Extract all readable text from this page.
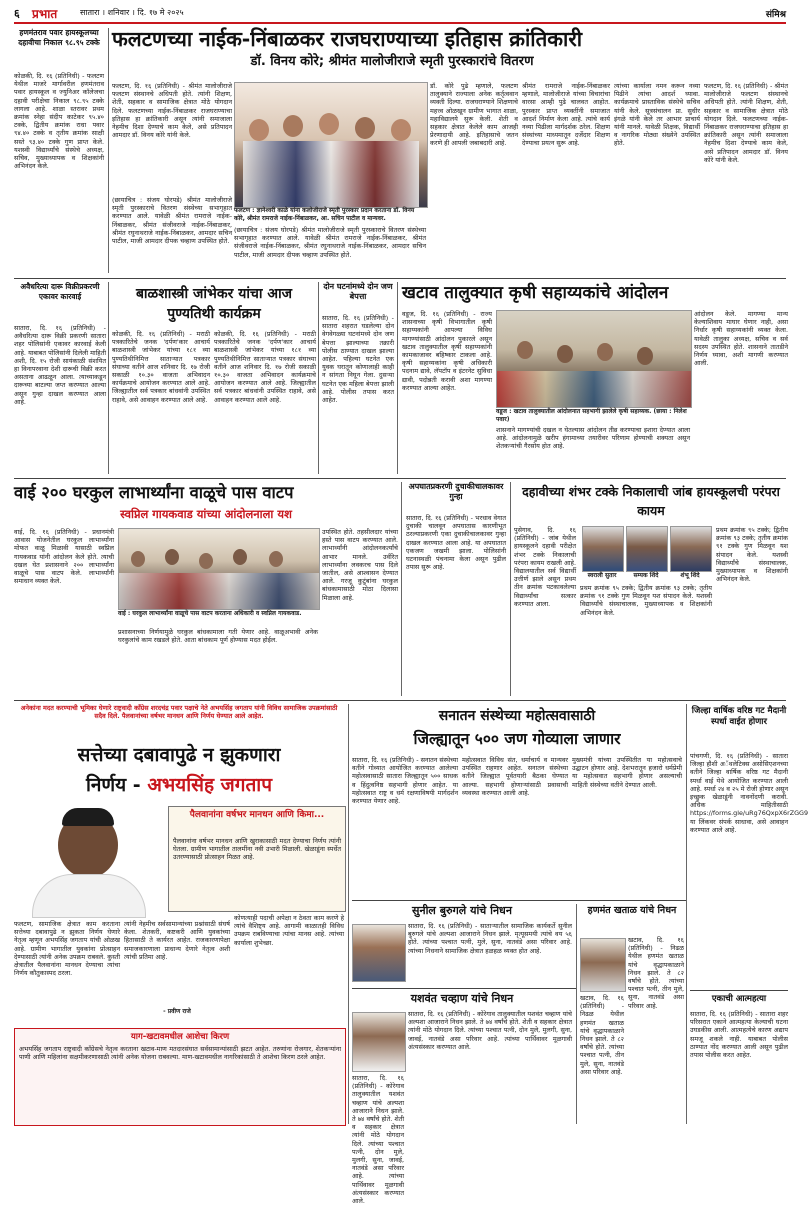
६ प्रभात	सातारा । शनिवार । दि. १७ मे २०२५	संमिश्र
हणमंतराव पवार हायस्कूलच्या दहावीचा निकाल ९८.९५ टक्के
कोळकी, दि. १६ (प्रतिनिधी) - फलटण येथील माजरे मार्गावरील हणमंतराव पवार हायस्कूल व ज्युनिअर कॉलेजचा दहावी परीक्षेचा निकाल ९८.९५ टक्के लागला आहे. शाळा स्तरावर प्रथम क्रमांक स्नेहा संदीप काटेकर ९५.४० टक्के, द्वितीय क्रमांक राधा पवार ९४.४० टक्के व तृतीय क्रमांक साक्षी सस्ते ९३.४० टक्के गुण प्राप्त केले. यशस्वी विद्यार्थ्यांचे संस्थेचे अध्यक्ष, सचिव, मुख्याध्यापक व शिक्षकांनी अभिनंदन केले.
फलटणच्या नाईक-निंबाळकर राजघराण्याच्या इतिहास क्रांतिकारी
डॉ. विनय कोरे; श्रीमंत मालोजीराजे स्मृती पुरस्कारांचे वितरण
फलटण, दि. १६ (प्रतिनिधी) - श्रीमंत मालोजीराजे फलटण संस्थानचे अधिपती होते. त्यांनी शिक्षण, शेती, सहकार व सामाजिक क्षेत्रात मोठे योगदान दिले. फलटणच्या नाईक-निंबाळकर राजघराण्याचा इतिहास हा क्रांतिकारी असून त्यांनी समाजाला नेहमीच दिशा देण्याचे काम केले, असे प्रतिपादन आमदार डॉ. विनय कोरे यांनी केले.
फलटण : ज्ञानेश्वरी काळे यांना कलोजीराजे स्मृती पुरस्कार प्रदान करताना डॉ. विनय कोरे, श्रीमंत रामराजे नाईक-निंबाळकर, आ. सचिन पाटील व मान्यवर.
(छायाचित्र : संजय घोरपडे) श्रीमंत मालोजीराजे स्मृती पुरस्काराचे वितरण संस्थेच्या सभागृहात करण्यात आले. यावेळी श्रीमंत रामराजे नाईक-निंबाळकर, श्रीमंत संजीवराजे नाईक-निंबाळकर, श्रीमंत रघुनाथराजे नाईक-निंबाळकर, आमदार सचिन पाटील, माजी आमदार दीपक चव्हाण उपस्थित होते.
डॉ. कोरे पुढे म्हणाले, फलटण तालुक्याने राज्याला अनेक कर्तृत्ववान व्यक्ती दिल्या. राजघराण्याने शिक्षणाचे महत्त्व ओळखून ग्रामीण भागात शाळा, महाविद्यालये सुरू केली. शेती व सहकार क्षेत्रात केलेले काम आजही प्रेरणादायी आहे. इतिहासाचे जतन करणे ही आपली जबाबदारी आहे.
श्रीमंत रामराजे नाईक-निंबाळकर म्हणाले, मालोजीराजे यांच्या विचारांचा वारसा आम्ही पुढे चालवत आहोत. पुरस्कार प्राप्त व्यक्तींनी समाजात आदर्श निर्माण केला आहे. त्यांचे कार्य नव्या पिढीला मार्गदर्शक ठरेल. शिक्षण संस्थांच्या माध्यमातून दर्जेदार शिक्षण देण्याचा प्रयत्न सुरू आहे.
त्यांच्या कार्याला नमन करून नव्या पिढीने त्यांचा आदर्श घ्यावा. कार्यक्रमाचे प्रास्ताविक संस्थेचे सचिव यांनी केले. सूत्रसंचालन प्रा. सुधीर इंगळे यांनी केले तर आभार प्राचार्य यांनी मानले. यावेळी शिक्षक, विद्यार्थी व नागरिक मोठ्या संख्येने उपस्थित होते.
फलटण, दि. १६ (प्रतिनिधी) - श्रीमंत मालोजीराजे फलटण संस्थानचे अधिपती होते. त्यांनी शिक्षण, शेती, सहकार व सामाजिक क्षेत्रात मोठे योगदान दिले. फलटणच्या नाईक-निंबाळकर राजघराण्याचा इतिहास हा क्रांतिकारी असून त्यांनी समाजाला नेहमीच दिशा देण्याचे काम केले, असे प्रतिपादन आमदार डॉ. विनय कोरे यांनी केले.
(छायाचित्र : संजय घोरपडे) श्रीमंत मालोजीराजे स्मृती पुरस्काराचे वितरण संस्थेच्या सभागृहात करण्यात आले. यावेळी श्रीमंत रामराजे नाईक-निंबाळकर, श्रीमंत संजीवराजे नाईक-निंबाळकर, श्रीमंत रघुनाथराजे नाईक-निंबाळकर, आमदार सचिन पाटील, माजी आमदार दीपक चव्हाण उपस्थित होते.
अवैधरित्या दारू विक्रीप्रकरणी एकावर कारवाई
सातारा, दि. १६ (प्रतिनिधी) - अवैधरित्या दारू विक्री प्रकरणी सातारा शहर पोलिसांनी एकावर कारवाई केली आहे. याबाबत पोलिसांनी दिलेली माहिती अशी, दि. १५ रोजी सायंकाळी संशयित हा विनापरवाना देशी दारूची विक्री करत असताना आढळून आला. त्याच्याकडून दारूच्या बाटल्या जप्त करण्यात आल्या असून गुन्हा दाखल करण्यात आला आहे.
बाळशास्त्री जांभेकर यांचा आज पुण्यतिथी कार्यक्रम
कोळकी, दि. १६ (प्रतिनिधी) - मराठी पत्रकारितेचे जनक 'दर्पण'कार आचार्य बाळशास्त्री जांभेकर यांच्या १८१ व्या पुण्यतिथीनिमित्त साताऱ्यात पत्रकार संघाच्या वतीने आज शनिवार दि. १७ रोजी सकाळी १०.३० वाजता अभिवादन कार्यक्रमाचे आयोजन करण्यात आले आहे. जिल्ह्यातील सर्व पत्रकार बांधवांनी उपस्थित राहावे, असे आवाहन करण्यात आले आहे.
कोळकी, दि. १६ (प्रतिनिधी) - मराठी पत्रकारितेचे जनक 'दर्पण'कार आचार्य बाळशास्त्री जांभेकर यांच्या १८१ व्या पुण्यतिथीनिमित्त साताऱ्यात पत्रकार संघाच्या वतीने आज शनिवार दि. १७ रोजी सकाळी १०.३० वाजता अभिवादन कार्यक्रमाचे आयोजन करण्यात आले आहे. जिल्ह्यातील सर्व पत्रकार बांधवांनी उपस्थित राहावे, असे आवाहन करण्यात आले आहे.
दोन घटनांमध्ये दोन जण बेपत्ता
सातारा, दि. १६ (प्रतिनिधी) - सातारा शहरात घडलेल्या दोन वेगवेगळ्या घटनांमध्ये दोन जण बेपत्ता झाल्याच्या तक्रारी पोलीस ठाण्यात दाखल झाल्या आहेत. पहिल्या घटनेत एक युवक घरातून कोणालाही काही न सांगता निघून गेला. दुसऱ्या घटनेत एक महिला बेपत्ता झाली आहे. पोलीस तपास करत आहेत.
खटाव तालुक्यात कृषी सहाय्यकांचे आंदोलन
वडूज, दि. १६ (प्रतिनिधी) - राज्य शासनाच्या कृषी विभागातील कृषी सहाय्यकांनी आपल्या विविध मागण्यांसाठी आंदोलन पुकारले असून खटाव तालुक्यातील कृषी सहाय्यकांनी कामकाजावर बहिष्कार टाकला आहे. कृषी सहाय्यकांना कृषी अधिकारी पदनाम द्यावे, लॅपटॉप व इंटरनेट सुविधा द्यावी, पदोन्नती करावी अशा मागण्या करण्यात आल्या आहेत.
वडूज : खटाव तालुक्यातील आंदोलनात सहभागी झालेले कृषी सहाय्यक. (छाया : निलेश पवार)
शासनाने मागण्यांची दखल न घेतल्यास आंदोलन तीव्र करण्याचा इशारा देण्यात आला आहे. आंदोलनामुळे खरीप हंगामाच्या तयारीवर परिणाम होण्याची शक्यता असून शेतकऱ्यांची गैरसोय होत आहे.
आंदोलन केले. मागण्या मान्य केल्याशिवाय माघार घेणार नाही, असा निर्धार कृषी सहाय्यकांनी व्यक्त केला. यावेळी तालुका अध्यक्ष, सचिव व सर्व सदस्य उपस्थित होते. शासनाने तातडीने निर्णय घ्यावा, अशी मागणी करण्यात आली.
वाई २०० घरकुल लाभार्थ्यांना वाळूचे पास वाटप
स्वप्निल गायकवाड यांच्या आंदोलनाला यश
वाई, दि. १६ (प्रतिनिधी) - प्रधानमंत्री आवास योजनेतील घरकुल लाभार्थ्यांना मोफत वाळू मिळावी यासाठी स्वप्निल गायकवाड यांनी आंदोलन केले होते. त्याची दखल घेत प्रशासनाने २०० लाभार्थ्यांना वाळूचे पास वाटप केले. लाभार्थ्यांनी समाधान व्यक्त केले.
वाई : घरकुल लाभार्थ्यांना वाळूचे पास वाटप करताना अधिकारी व स्वप्निल गायकवाड.
प्रशासनाच्या निर्णयामुळे घरकुल बांधकामाला गती येणार आहे. वाळूअभावी अनेक घरकुलांचे काम रखडले होते. आता बांधकाम पूर्ण होण्यास मदत होईल.
उपस्थित होते. तहसीलदार यांच्या हस्ते पास वाटप करण्यात आले. लाभार्थ्यांनी आंदोलनकर्त्यांचे आभार मानले. उर्वरित लाभार्थ्यांना लवकरच पास दिले जातील, असे आश्वासन देण्यात आले. गरजू कुटुंबांना घरकुल बांधकामासाठी मोठा दिलासा मिळाला आहे.
अपघातप्रकरणी दुचाकीचालकावर गुन्हा
सातारा, दि. १६ (प्रतिनिधी) - भरधाव वेगात दुचाकी चालवून अपघातास कारणीभूत ठरल्याप्रकरणी एका दुचाकीचालकावर गुन्हा दाखल करण्यात आला आहे. या अपघातात एकजण जखमी झाला. पोलिसांनी घटनास्थळी पंचनामा केला असून पुढील तपास सुरू आहे.
दहावीच्या शंभर टक्के निकालाची जांब हायस्कूलची परंपरा कायम
पुसेगाव, दि. १६ (प्रतिनिधी) - जांब येथील हायस्कूलने दहावी परीक्षेत शंभर टक्के निकालाची परंपरा कायम राखली आहे. विद्यालयातील सर्व विद्यार्थी उत्तीर्ण झाले असून प्रथम तीन क्रमांक पटकावलेल्या विद्यार्थ्यांचा सत्कार करण्यात आला.
स्वराली सुतार	सम्यक शिंदे	शंभू शिंदे
प्रथम क्रमांक ९५ टक्के; द्वितीय क्रमांक ९३ टक्के; तृतीय क्रमांक ९१ टक्के गुण मिळवून यश संपादन केले. यशस्वी विद्यार्थ्यांचे संस्थाचालक, मुख्याध्यापक व शिक्षकांनी अभिनंदन केले.
प्रथम क्रमांक ९५ टक्के; द्वितीय क्रमांक ९३ टक्के; तृतीय क्रमांक ९१ टक्के गुण मिळवून यश संपादन केले. यशस्वी विद्यार्थ्यांचे संस्थाचालक, मुख्याध्यापक व शिक्षकांनी अभिनंदन केले.
अनेकांना मदत करण्याची भूमिका घेणारे राष्ट्रवादी काँग्रेस शरदचंद्र पवार पक्षाचे नेते अभयसिंह जगताप यांनी विविध सामाजिक उपक्रमांसाठी सदैव दिले. पैलवानांच्या वर्षभर मानधन आणि निर्णय घेण्यात आले आहेत.
सत्तेच्या दबावापुढे न झुकणारा
निर्णय - अभयसिंह जगताप
पैलवानांना वर्षभर मानधन आणि किमा...
पैलवानांना वर्षभर मानधन आणि खुराकासाठी मदत देण्याचा निर्णय त्यांनी घेतला. ग्रामीण भागातील तालमींना नवी उभारी मिळाली. खेळाडूंना स्पर्धेत उतरण्यासाठी प्रोत्साहन मिळत आहे.
फलटण, सामाजिक क्षेत्रात काम करताना सत्तेच्या दबावापुढे न झुकता निर्णय घेणारे नेतृत्व म्हणून अभयसिंह जगताप यांची ओळख आहे. ग्रामीण भागातील युवकांना प्रोत्साहन देण्यासाठी त्यांनी अनेक उपक्रम राबवले. कुस्ती क्षेत्रातील पैलवानांना मानधन देण्याचा त्यांचा निर्णय कौतुकास्पद ठरला.
त्यांनी नेहमीच सर्वसामान्यांच्या प्रश्नांसाठी संघर्ष केला. शेतकरी, कष्टकरी आणि युवकांच्या हितासाठी ते कार्यरत आहेत. राजकारणापेक्षा समाजकारणाला प्राधान्य देणारे नेतृत्व अशी त्यांची प्रतिमा आहे.
- प्रवीण राजे
कोणत्याही पदाची अपेक्षा न ठेवता काम करणे हे त्यांचे वैशिष्ट्य आहे. आगामी काळातही विविध उपक्रम राबविण्याचा त्यांचा मानस आहे. त्यांच्या कार्याला शुभेच्छा.
याग-खटावमधील आशेचा किरण
अभयसिंह जगताप राष्ट्रवादी काँग्रेसचे नेतृत्व करताना खटाव-माण मतदारसंघात सर्वसामान्यांसाठी झटत आहेत. तरुणांना रोजगार, शेतकऱ्यांना पाणी आणि महिलांना सक्षमीकरणासाठी त्यांनी अनेक योजना राबवल्या. माण-खटावमधील नागरिकांसाठी ते आशेचा किरण ठरले आहेत.
सनातन संस्थेच्या महोत्सवासाठी
जिल्ह्यातून ५०० जण गोव्याला जाणार
सातारा, दि. १६ (प्रतिनिधी) - सनातन संस्थेच्या वतीने गोव्यात आयोजित करण्यात आलेल्या महोत्सवासाठी सातारा जिल्ह्यातून ५०० साधक व हिंदुत्वनिष्ठ सहभागी होणार आहेत. या महोत्सवात राष्ट्र व धर्म रक्षणाविषयी मार्गदर्शन करण्यात येणार आहे.
महोत्सवात विविध संत, धर्माचार्य व मान्यवर उपस्थित राहणार आहेत. सनातन संस्थेच्या वतीने जिल्ह्यात पूर्वतयारी बैठका घेण्यात आल्या. सहभागी होणाऱ्यांसाठी प्रवासाची व्यवस्था करण्यात आली आहे.
मुख्यमंत्री यांच्या उपस्थितीत या महोत्सवाचे उद्घाटन होणार आहे. देशभरातून हजारो धर्मप्रेमी या महोत्सवात सहभागी होणार असल्याची माहिती संस्थेच्या वतीने देण्यात आली.
जिल्हा वार्षिक वरिष्ठ गट मैदानी स्पर्धा वाईत होणार
पांचगणी, दि. १६ (प्रतिनिधी) - सातारा जिल्हा हौशी अॅथलेटिक्स असोसिएशनच्या वतीने जिल्हा वार्षिक वरिष्ठ गट मैदानी स्पर्धा वाई येथे आयोजित करण्यात आली आहे. स्पर्धा २४ व २५ मे रोजी होणार असून इच्छुक खेळाडूंनी नावनोंदणी करावी. अधिक माहितीसाठी https://forms.gle/uRg76QxpX6rZGG9 या लिंकवर संपर्क साधावा, असे आवाहन करण्यात आले आहे.
सुनील बुरुगले यांचे निधन
सातारा, दि. १६ (प्रतिनिधी) - साताऱ्यातील सामाजिक कार्यकर्ते सुनील बुरुगले यांचे अल्पशा आजाराने निधन झाले. मृत्यूसमयी त्यांचे वय ५६ होते. त्यांच्या पश्चात पत्नी, मुले, सुना, नातवंडे असा परिवार आहे. त्यांच्या निधनाने सामाजिक क्षेत्रात हळहळ व्यक्त होत आहे.
हणमंत खताळ यांचे निधन
खटाव, दि. १६ (प्रतिनिधी) - निढळ येथील हणमंत खताळ यांचे वृद्धापकाळाने निधन झाले. ते ८२ वर्षांचे होते. त्यांच्या पश्चात पत्नी, तीन मुले, सुना, नातवंडे असा परिवार आहे.
खटाव, दि. १६ (प्रतिनिधी) - निढळ येथील हणमंत खताळ यांचे वृद्धापकाळाने निधन झाले. ते ८२ वर्षांचे होते. त्यांच्या पश्चात पत्नी, तीन मुले, सुना, नातवंडे असा परिवार आहे.
यशवंत चव्हाण यांचे निधन
सातारा, दि. १६ (प्रतिनिधी) - कोरेगाव तालुक्यातील यशवंत चव्हाण यांचे अल्पशा आजाराने निधन झाले. ते ७४ वर्षांचे होते. शेती व सहकार क्षेत्रात त्यांनी मोठे योगदान दिले. त्यांच्या पश्चात पत्नी, दोन मुले, मुलगी, सुना, जावई, नातवंडे असा परिवार आहे. त्यांच्या पार्थिवावर मूळगावी अंत्यसंस्कार करण्यात आले.
सातारा, दि. १६ (प्रतिनिधी) - कोरेगाव तालुक्यातील यशवंत चव्हाण यांचे अल्पशा आजाराने निधन झाले. ते ७४ वर्षांचे होते. शेती व सहकार क्षेत्रात त्यांनी मोठे योगदान दिले. त्यांच्या पश्चात पत्नी, दोन मुले, मुलगी, सुना, जावई, नातवंडे असा परिवार आहे. त्यांच्या पार्थिवावर मूळगावी अंत्यसंस्कार करण्यात आले.
एकाची आत्महत्या
सातारा, दि. १६ (प्रतिनिधी) - सातारा शहर परिसरात एकाने आत्महत्या केल्याची घटना उघडकीस आली. आत्महत्येचे कारण अद्याप समजू शकले नाही. याबाबत पोलीस ठाण्यात नोंद करण्यात आली असून पुढील तपास पोलीस करत आहेत.
